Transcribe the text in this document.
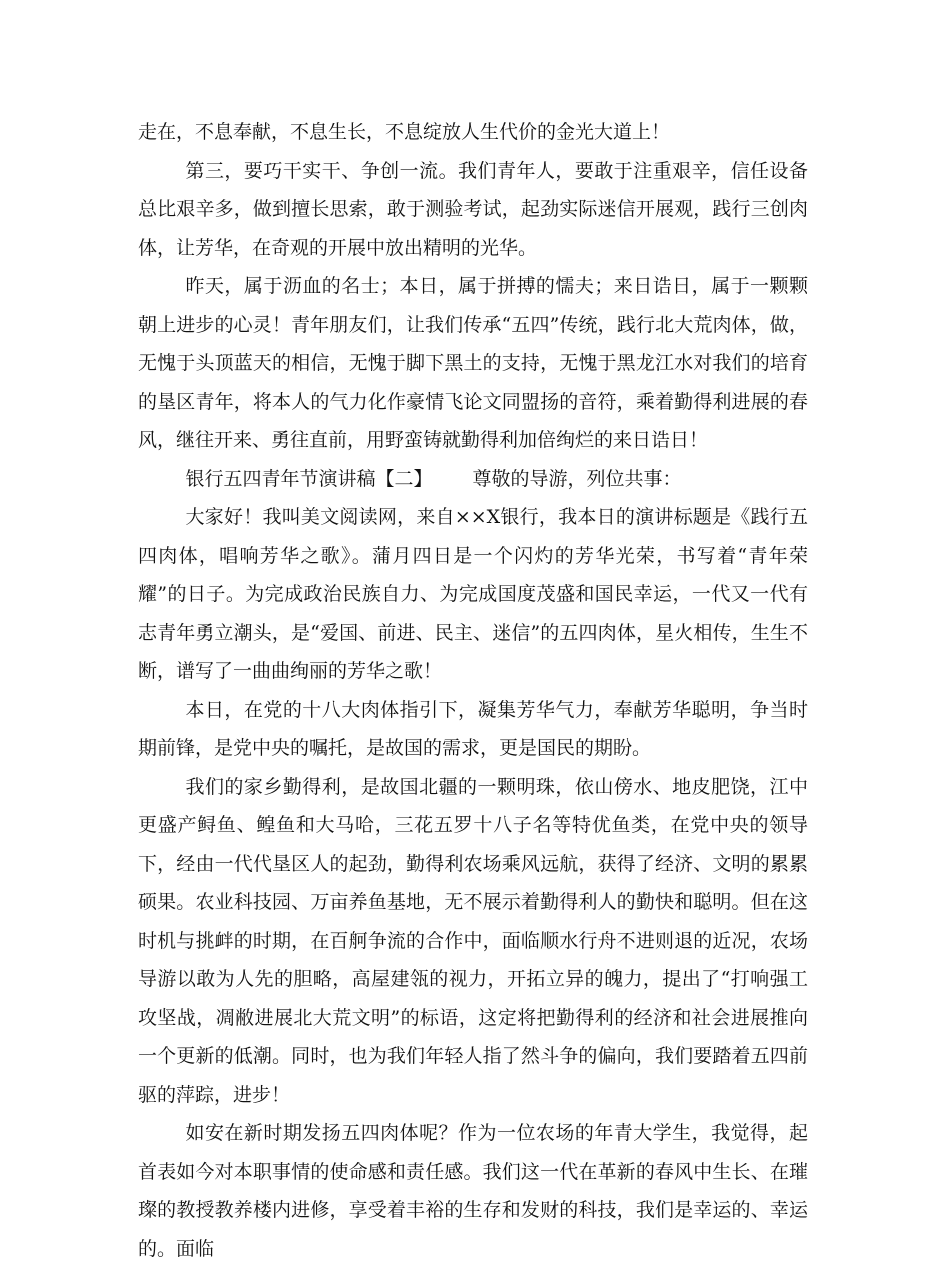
走在，不息奉献，不息生长，不息绽放人生代价的金光大道上！

第三，要巧干实干、争创一流。我们青年人，要敢于注重艰辛，信任设备总比艰辛多，做到擅长思索，敢于测验考试，起劲实际迷信开展观，践行三创肉体，让芳华，在奇观的开展中放出精明的光华。

昨天，属于沥血的名士；本日，属于拼搏的懦夫；来日诰日，属于一颗颗朝上进步的心灵！青年朋友们，让我们传承“五四”传统，践行北大荒肉体，做，无愧于头顶蓝天的相信，无愧于脚下黑土的支持，无愧于黑龙江水对我们的培育的垦区青年，将本人的气力化作豪情飞论文同盟扬的音符，乘着勤得利进展的春风，继往开来、勇往直前，用野蛮铸就勤得利加倍绚烂的来日诰日！

银行五四青年节演讲稿【二】 尊敬的导游，列位共事：

大家好！我叫美文阅读网，来自××X银行，我本日的演讲标题是《践行五四肉体，唱响芳华之歌》。蒲月四日是一个闪灼的芳华光荣，书写着“青年荣耀”的日子。为完成政治民族自力、为完成国度茂盛和国民幸运，一代又一代有志青年勇立潮头，是“爱国、前进、民主、迷信”的五四肉体，星火相传，生生不断，谱写了一曲曲绚丽的芳华之歌！

本日，在党的十八大肉体指引下，凝集芳华气力，奉献芳华聪明，争当时期前锋，是党中央的嘱托，是故国的需求，更是国民的期盼。

我们的家乡勤得利，是故国北疆的一颗明珠，依山傍水、地皮肥饶，江中更盛产鲟鱼、鳇鱼和大马哈，三花五罗十八子名等特优鱼类，在党中央的领导下，经由一代代垦区人的起劲，勤得利农场乘风远航，获得了经济、文明的累累硕果。农业科技园、万亩养鱼基地，无不展示着勤得利人的勤快和聪明。但在这时机与挑衅的时期，在百舸争流的合作中，面临顺水行舟不进则退的近况，农场导游以敢为人先的胆略，高屋建瓴的视力，开拓立异的魄力，提出了“打响强工攻坚战，凋敝进展北大荒文明”的标语，这定将把勤得利的经济和社会进展推向一个更新的低潮。同时，也为我们年轻人指了然斗争的偏向，我们要踏着五四前驱的萍踪，进步！

如安在新时期发扬五四肉体呢？作为一位农场的年青大学生，我觉得，起首表如今对本职事情的使命感和责任感。我们这一代在革新的春风中生长、在璀璨的教授教养楼内进修，享受着丰裕的生存和发财的科技，我们是幸运的、幸运的。面临
